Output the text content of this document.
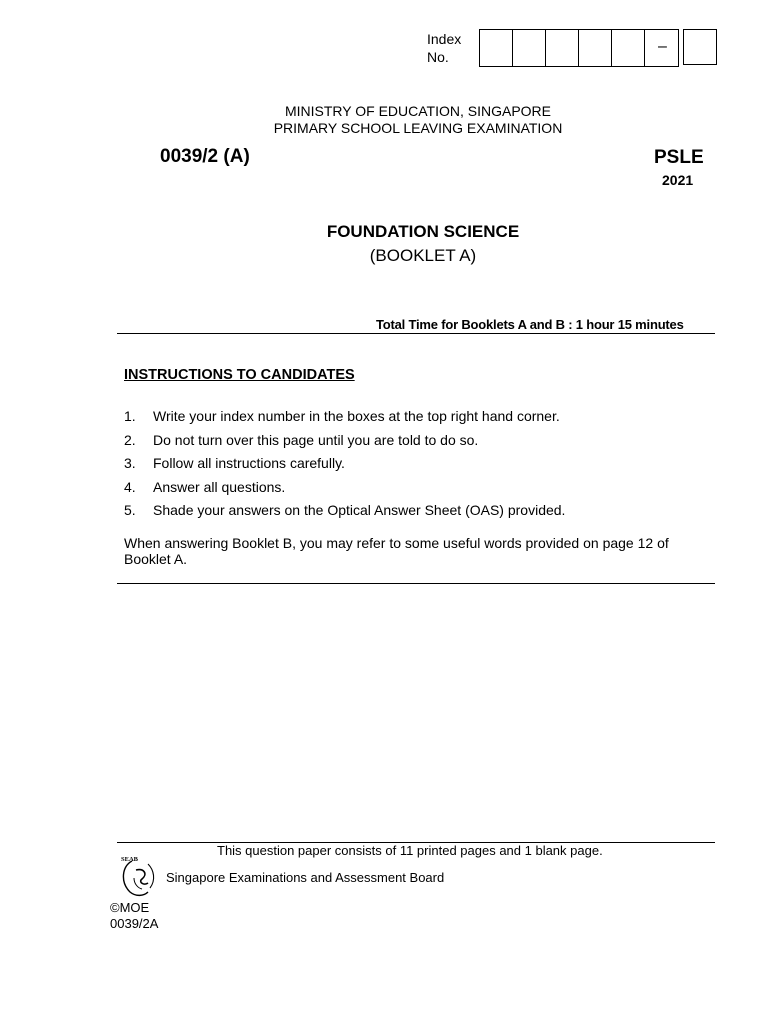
Index
No.
–
MINISTRY OF EDUCATION, SINGAPORE
PRIMARY SCHOOL LEAVING EXAMINATION
0039/2 (A)	PSLE
2021
FOUNDATION SCIENCE
(BOOKLET A)
Total Time for Booklets A and B : 1 hour 15 minutes
INSTRUCTIONS TO CANDIDATES
1.	Write your index number in the boxes at the top right hand corner.
2.	Do not turn over this page until you are told to do so.
3.	Follow all instructions carefully.
4.	Answer all questions.
5.	Shade your answers on the Optical Answer Sheet (OAS) provided.
When answering Booklet B, you may refer to some useful words provided on page 12 of Booklet A.
This question paper consists of 11 printed pages and 1 blank page.
SEAB
Singapore Examinations and Assessment Board
©MOE
0039/2A
